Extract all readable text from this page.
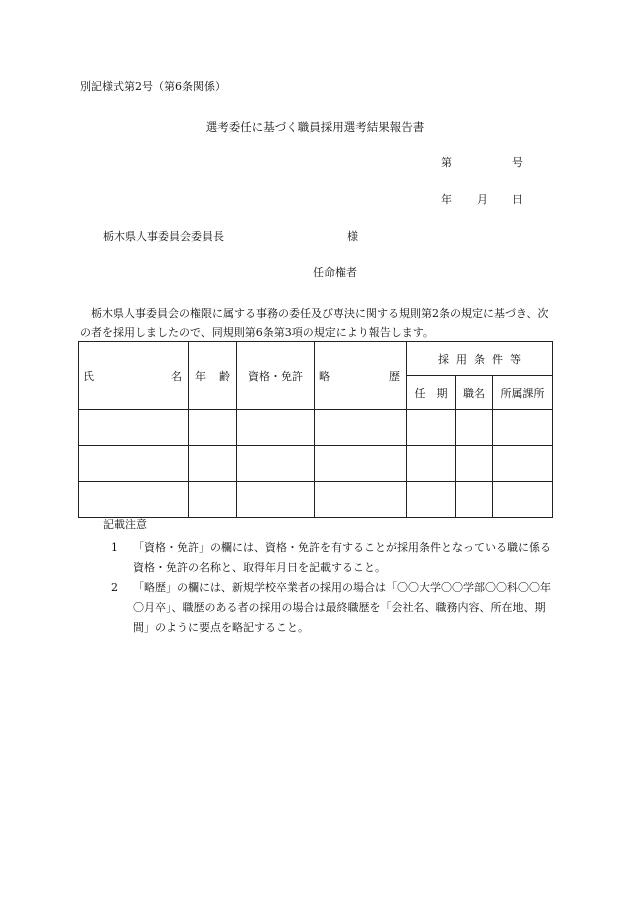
別記様式第2号（第6条関係）
選考委任に基づく職員採用選考結果報告書
第	号
年 月 日
栃木県人事委員会委員長	様
任命権者
栃木県人事委員会の権限に属する事務の委任及び専決に関する規則第2条の規定に基づき、次の者を採用しましたので、同規則第6条第3項の規定により報告します。
氏 名	年 齢	資格・免許	略 歴	採用条件等		
				任　期	職名	所属課所

記載注意
1 「資格・免許」の欄には、資格・免許を有することが採用条件となっている職に係る資格・免許の名称と、取得年月日を記載すること。
2 「略歴」の欄には、新規学校卒業者の採用の場合は「〇〇大学〇〇学部〇〇科〇〇年〇月卒」、職歴のある者の採用の場合は最終職歴を「会社名、職務内容、所在地、期間」のように要点を略記すること。
